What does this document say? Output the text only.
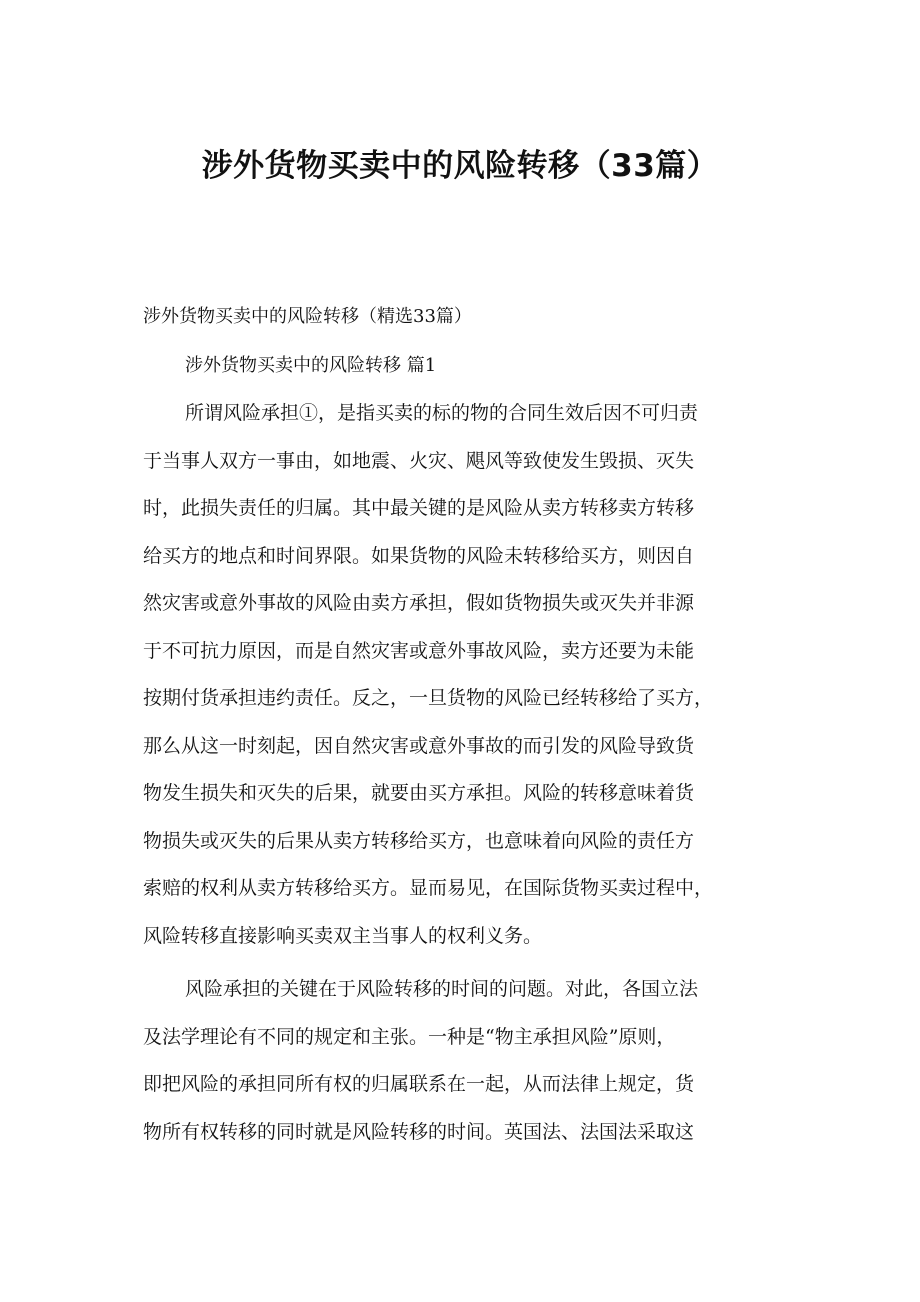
涉外货物买卖中的风险转移（33篇）

涉外货物买卖中的风险转移（精选33篇）

涉外货物买卖中的风险转移 篇1

所谓风险承担①，是指买卖的标的物的合同生效后因不可归责
于当事人双方一事由，如地震、火灾、飓风等致使发生毁损、灭失
时，此损失责任的归属。其中最关键的是风险从卖方转移卖方转移
给买方的地点和时间界限。如果货物的风险未转移给买方，则因自
然灾害或意外事故的风险由卖方承担，假如货物损失或灭失并非源
于不可抗力原因，而是自然灾害或意外事故风险，卖方还要为未能
按期付货承担违约责任。反之，一旦货物的风险已经转移给了买方，
那么从这一时刻起，因自然灾害或意外事故的而引发的风险导致货
物发生损失和灭失的后果，就要由买方承担。风险的转移意味着货
物损失或灭失的后果从卖方转移给买方，也意味着向风险的责任方
索赔的权利从卖方转移给买方。显而易见，在国际货物买卖过程中，
风险转移直接影响买卖双主当事人的权利义务。
风险承担的关键在于风险转移的时间的问题。对此，各国立法
及法学理论有不同的规定和主张。一种是“物主承担风险”原则，
即把风险的承担同所有权的归属联系在一起，从而法律上规定，货
物所有权转移的同时就是风险转移的时间。英国法、法国法采取这
